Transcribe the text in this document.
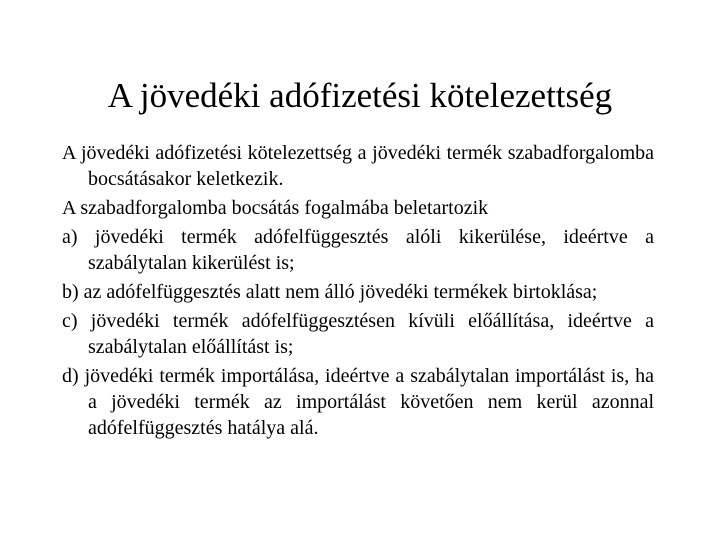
A jövedéki adófizetési kötelezettség

A jövedéki adófizetési kötelezettség a jövedéki termék szabadforgalomba bocsátásakor keletkezik.

A szabadforgalomba bocsátás fogalmába beletartozik

a) jövedéki termék adófelfüggesztés alóli kikerülése, ideértve a szabálytalan kikerülést is;

b) az adófelfüggesztés alatt nem álló jövedéki termékek birtoklása;

c) jövedéki termék adófelfüggesztésen kívüli előállítása, ideértve a szabálytalan előállítást is;

d) jövedéki termék importálása, ideértve a szabálytalan importálást is, ha a jövedéki termék az importálást követően nem kerül azonnal adófelfüggesztés hatálya alá.
